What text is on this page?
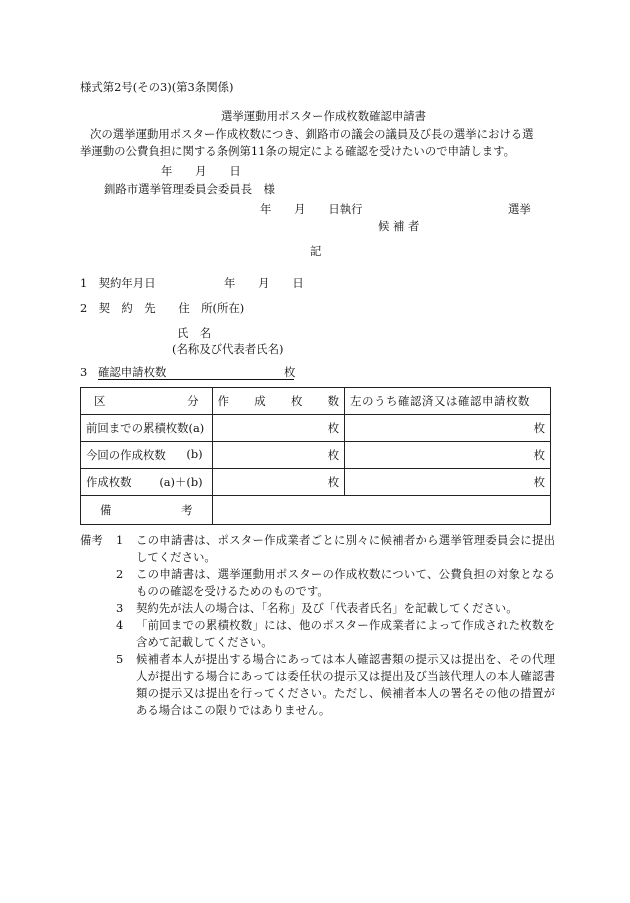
様式第2号(その3)(第3条関係)
選挙運動用ポスター作成枚数確認申請書
次の選挙運動用ポスター作成枚数につき、釧路市の議会の議員及び長の選挙における選
挙運動の公費負担に関する条例第11条の規定による確認を受けたいので申請します。
年　　月　　日
釧路市選挙管理委員会委員長　様
年　　月　　日執行	選挙
候 補 者
記
1　契約年月日	年　　月　　日
2　契　約　先　　住　所(所在)
氏　名
(名称及び代表者氏名)
3 確認申請枚数	枚
区 分	作 成 枚 数	左のうち確認済又は確認申請枚数
前回までの累積枚数(a)	枚	枚
今回の作成枚数 (b)	枚	枚
作成枚数 (a)＋(b)	枚	枚

備 考		

備考	1	この申請書は、ポスター作成業者ごとに別々に候補者から選挙管理委員会に提出してください。
2	この申請書は、選挙運動用ポスターの作成枚数について、公費負担の対象となるものの確認を受けるためのものです。
3	契約先が法人の場合は、「名称」及び「代表者氏名」を記載してください。
4	「前回までの累積枚数」には、他のポスター作成業者によって作成された枚数を含めて記載してください。
5	候補者本人が提出する場合にあっては本人確認書類の提示又は提出を、その代理人が提出する場合にあっては委任状の提示又は提出及び当該代理人の本人確認書類の提示又は提出を行ってください。ただし、候補者本人の署名その他の措置がある場合はこの限りではありません。
